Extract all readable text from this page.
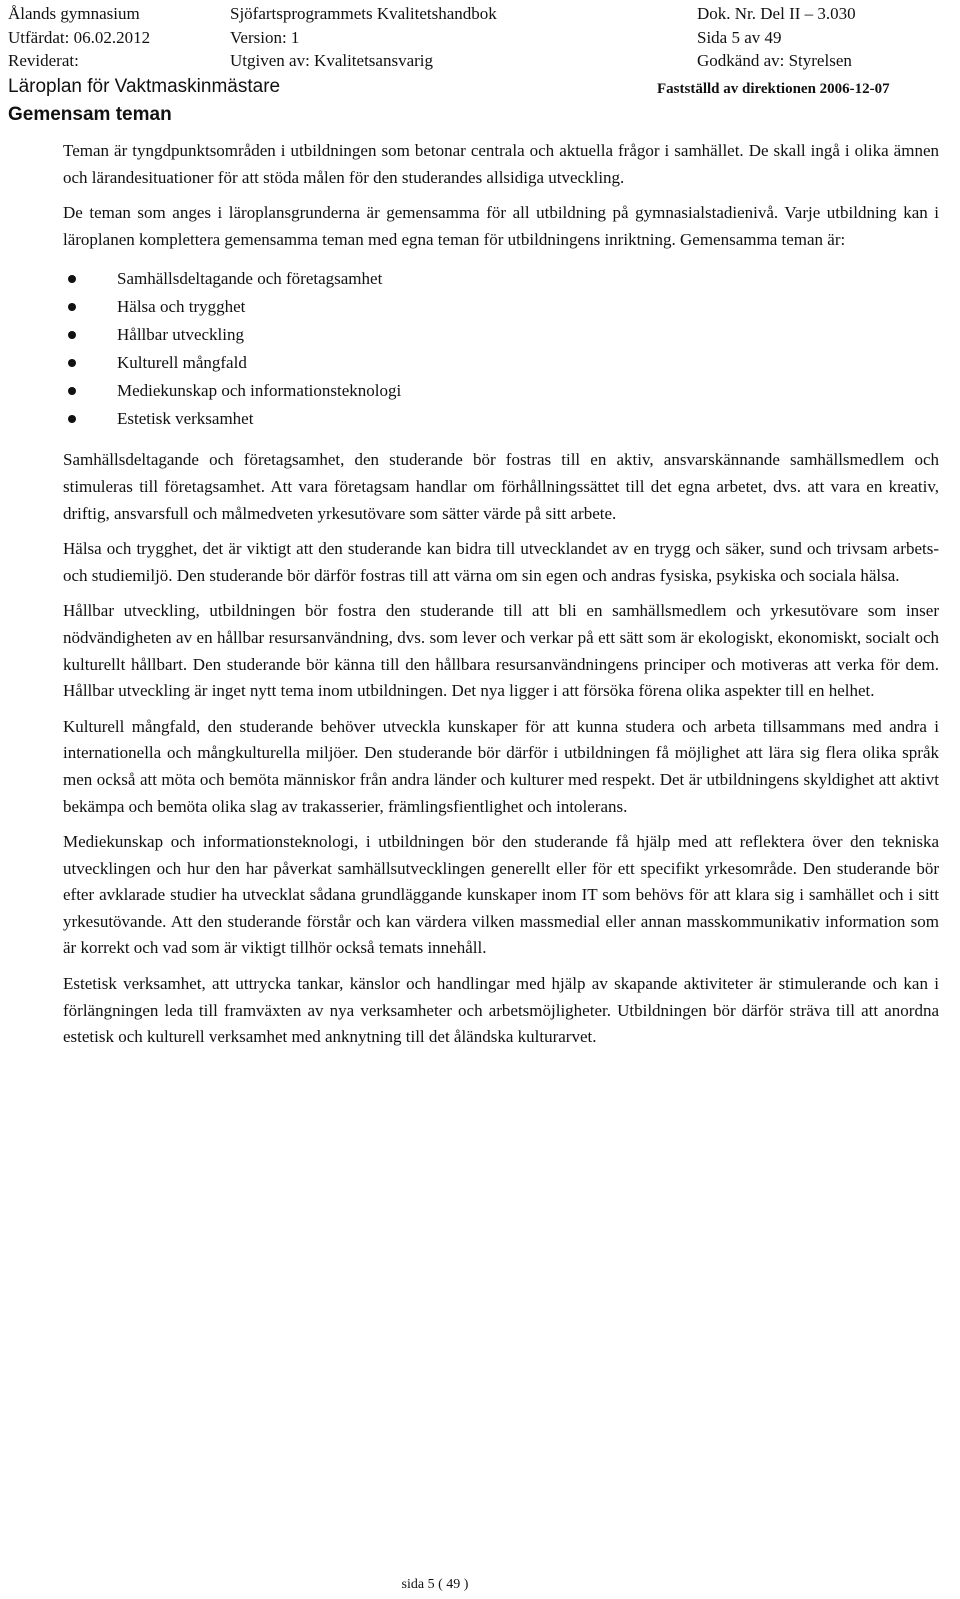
Ålands gymnasium	Sjöfartsprogrammets Kvalitetshandbok	Dok. Nr. Del II – 3.030
Utfärdat: 06.02.2012	Version: 1	Sida 5 av 49
Reviderat:	Utgiven av: Kvalitetsansvarig	Godkänd av: Styrelsen
Läroplan för Vaktmaskinmästare	Fastställd av direktionen 2006-12-07
Gemensam teman

Teman är tyngdpunktsområden i utbildningen som betonar centrala och aktuella frågor i samhället. De skall ingå i olika ämnen och lärandesituationer för att stöda målen för den studerandes allsidiga utveckling.

De teman som anges i läroplansgrunderna är gemensamma för all utbildning på gymnasialstadienivå. Varje utbildning kan i läroplanen komplettera gemensamma teman med egna teman för utbildningens inriktning. Gemensamma teman är:

Samhällsdeltagande och företagsamhet
Hälsa och trygghet
Hållbar utveckling
Kulturell mångfald
Mediekunskap och informationsteknologi
Estetisk verksamhet

Samhällsdeltagande och företagsamhet, den studerande bör fostras till en aktiv, ansvarskännande samhällsmedlem och stimuleras till företagsamhet. Att vara företagsam handlar om förhållningssättet till det egna arbetet, dvs. att vara en kreativ, driftig, ansvarsfull och målmedveten yrkesutövare som sätter värde på sitt arbete.

Hälsa och trygghet, det är viktigt att den studerande kan bidra till utvecklandet av en trygg och säker, sund och trivsam arbets- och studiemiljö. Den studerande bör därför fostras till att värna om sin egen och andras fysiska, psykiska och sociala hälsa.

Hållbar utveckling, utbildningen bör fostra den studerande till att bli en samhällsmedlem och yrkesutövare som inser nödvändigheten av en hållbar resursanvändning, dvs. som lever och verkar på ett sätt som är ekologiskt, ekonomiskt, socialt och kulturellt hållbart. Den studerande bör känna till den hållbara resursanvändningens principer och motiveras att verka för dem. Hållbar utveckling är inget nytt tema inom utbildningen. Det nya ligger i att försöka förena olika aspekter till en helhet.

Kulturell mångfald, den studerande behöver utveckla kunskaper för att kunna studera och arbeta tillsammans med andra i internationella och mångkulturella miljöer. Den studerande bör därför i utbildningen få möjlighet att lära sig flera olika språk men också att möta och bemöta människor från andra länder och kulturer med respekt. Det är utbildningens skyldighet att aktivt bekämpa och bemöta olika slag av trakasserier, främlingsfientlighet och intolerans.

Mediekunskap och informationsteknologi, i utbildningen bör den studerande få hjälp med att reflektera över den tekniska utvecklingen och hur den har påverkat samhällsutvecklingen generellt eller för ett specifikt yrkesområde. Den studerande bör efter avklarade studier ha utvecklat sådana grundläggande kunskaper inom IT som behövs för att klara sig i samhället och i sitt yrkesutövande. Att den studerande förstår och kan värdera vilken massmedial eller annan masskommunikativ information som är korrekt och vad som är viktigt tillhör också temats innehåll.

Estetisk verksamhet, att uttrycka tankar, känslor och handlingar med hjälp av skapande aktiviteter är stimulerande och kan i förlängningen leda till framväxten av nya verksamheter och arbetsmöjligheter. Utbildningen bör därför sträva till att anordna estetisk och kulturell verksamhet med anknytning till det åländska kulturarvet.

sida 5 ( 49 )
